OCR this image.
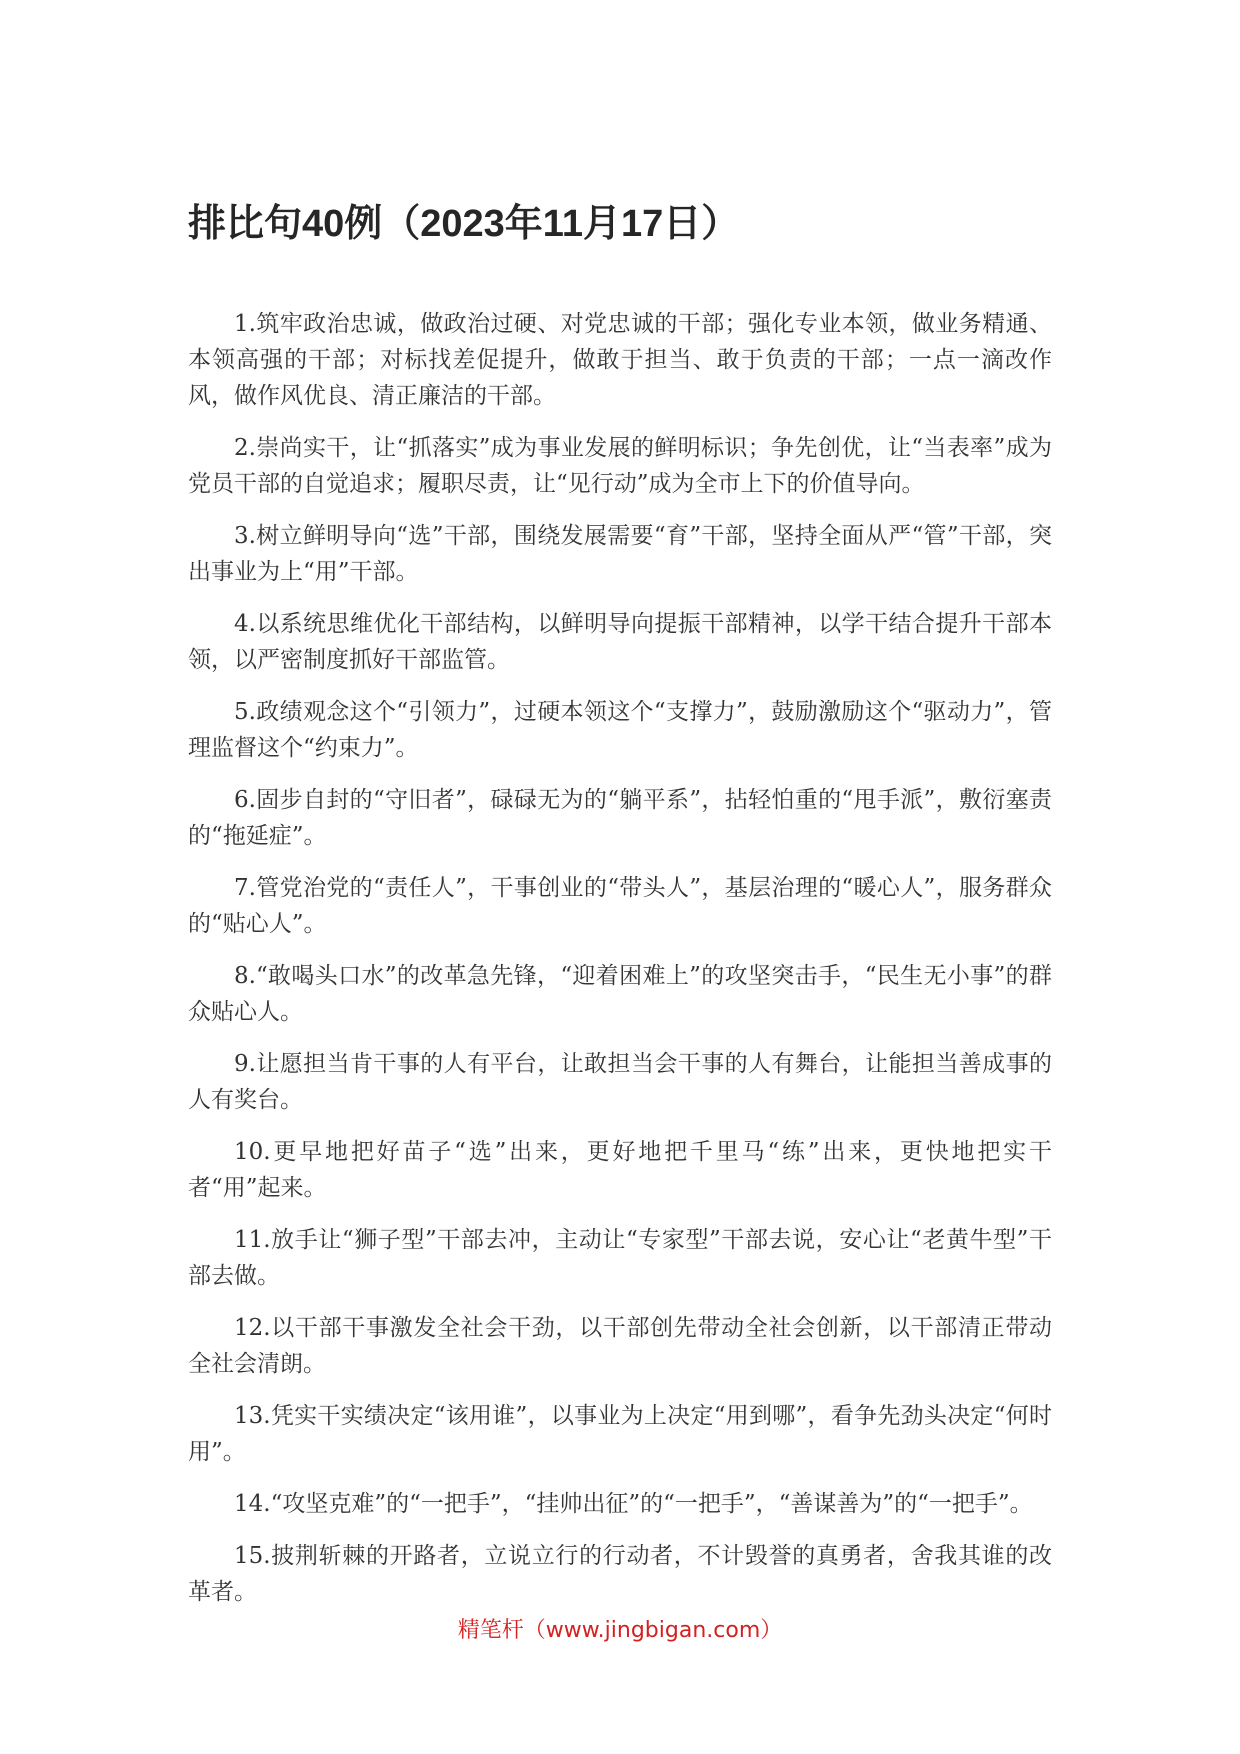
排比句40例（2023年11月17日）

1.筑牢政治忠诚，做政治过硬、对党忠诚的干部；强化专业本领，做业务精通、本领高强的干部；对标找差促提升，做敢于担当、敢于负责的干部；一点一滴改作风，做作风优良、清正廉洁的干部。

2.崇尚实干，让“抓落实”成为事业发展的鲜明标识；争先创优，让“当表率”成为党员干部的自觉追求；履职尽责，让“见行动”成为全市上下的价值导向。

3.树立鲜明导向“选”干部，围绕发展需要“育”干部，坚持全面从严“管”干部，突出事业为上“用”干部。

4.以系统思维优化干部结构，以鲜明导向提振干部精神，以学干结合提升干部本领，以严密制度抓好干部监管。

5.政绩观念这个“引领力”，过硬本领这个“支撑力”，鼓励激励这个“驱动力”，管理监督这个“约束力”。

6.固步自封的“守旧者”，碌碌无为的“躺平系”，拈轻怕重的“甩手派”，敷衍塞责的“拖延症”。

7.管党治党的“责任人”，干事创业的“带头人”，基层治理的“暖心人”，服务群众的“贴心人”。

8.“敢喝头口水”的改革急先锋，“迎着困难上”的攻坚突击手，“民生无小事”的群众贴心人。

9.让愿担当肯干事的人有平台，让敢担当会干事的人有舞台，让能担当善成事的人有奖台。

10.更早地把好苗子“选”出来，更好地把千里马“练”出来，更快地把实干者“用”起来。

11.放手让“狮子型”干部去冲，主动让“专家型”干部去说，安心让“老黄牛型”干部去做。

12.以干部干事激发全社会干劲，以干部创先带动全社会创新，以干部清正带动全社会清朗。

13.凭实干实绩决定“该用谁”，以事业为上决定“用到哪”，看争先劲头决定“何时用”。

14.“攻坚克难”的“一把手”，“挂帅出征”的“一把手”，“善谋善为”的“一把手”。

15.披荆斩棘的开路者，立说立行的行动者，不计毁誉的真勇者，舍我其谁的改革者。

精笔杆（www.jingbigan.com）
